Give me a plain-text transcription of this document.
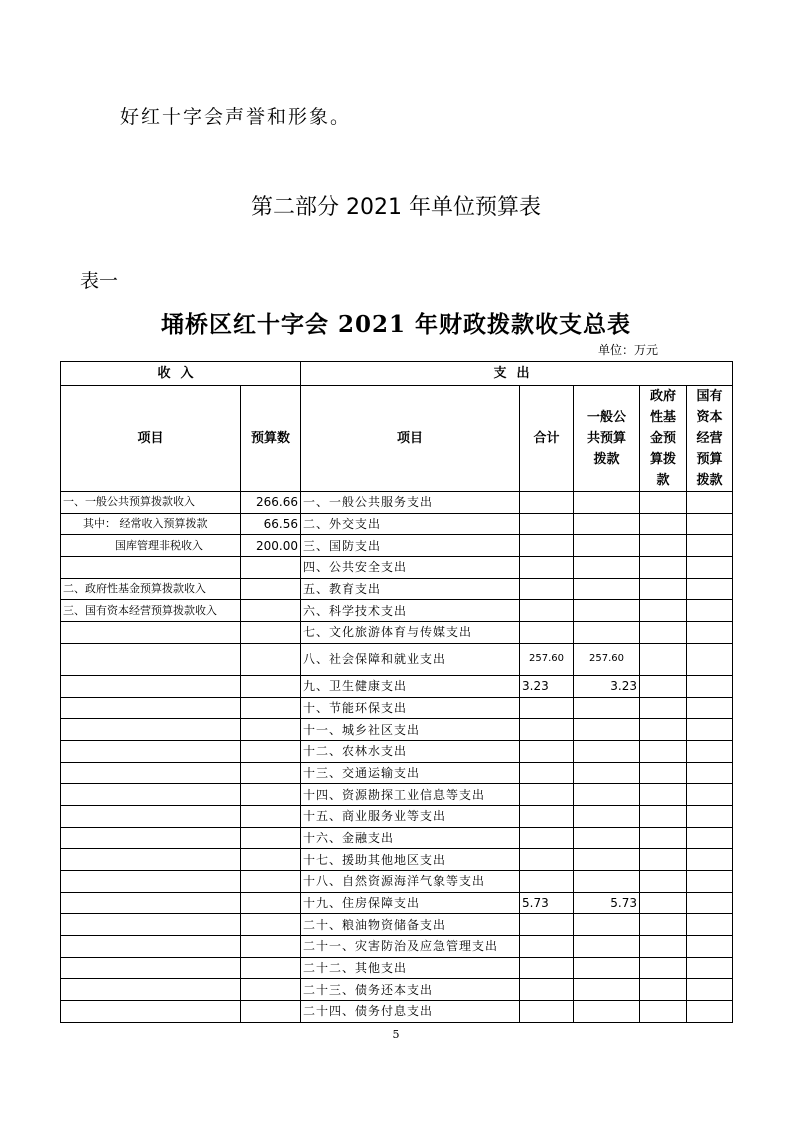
好红十字会声誉和形象。
第二部分 2021 年单位预算表
表一
埇桥区红十字会 2021 年财政拨款收支总表
单位：万元
收入		支出				
项目	预算数	项目	合计	一般公共预算拨款	政府性基金预算拨款	国有资本经营预算拨款
一、一般公共预算拨款收入	266.66	一、一般公共服务支出				
其中： 经常收入预算拨款	66.56	二、外交支出				
国库管理非税收入	200.00	三、国防支出				
		四、公共安全支出				
二、政府性基金预算拨款收入		五、教育支出				
三、国有资本经营预算拨款收入		六、科学技术支出				
		七、文化旅游体育与传媒支出				
		八、社会保障和就业支出	257.60	257.60		
		九、卫生健康支出	3.23	3.23		
		十、节能环保支出				
		十一、城乡社区支出				
		十二、农林水支出				
		十三、交通运输支出				
		十四、资源勘探工业信息等支出				
		十五、商业服务业等支出				
		十六、金融支出				
		十七、援助其他地区支出				
		十八、自然资源海洋气象等支出				
		十九、住房保障支出	5.73	5.73		
		二十、粮油物资储备支出				
		二十一、灾害防治及应急管理支出				
		二十二、其他支出				
		二十三、债务还本支出				
		二十四、债务付息支出				
5
